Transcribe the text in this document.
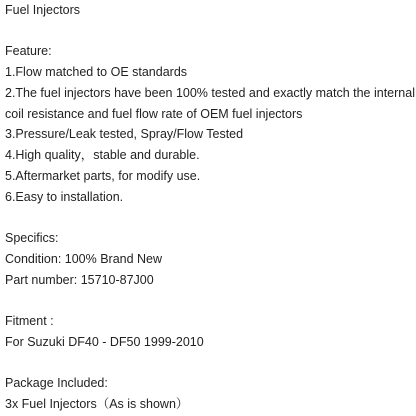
Fuel Injectors
Feature:
1.Flow matched to OE standards
2.The fuel injectors have been 100% tested and exactly match the internal
coil resistance and fuel flow rate of OEM fuel injectors
3.Pressure/Leak tested, Spray/Flow Tested
4.High quality，stable and durable.
5.Aftermarket parts, for modify use.
6.Easy to installation.
Specifics:
Condition: 100% Brand New
Part number: 15710-87J00
Fitment :
For Suzuki DF40 - DF50 1999-2010
Package Included:
3x Fuel Injectors（As is shown）
